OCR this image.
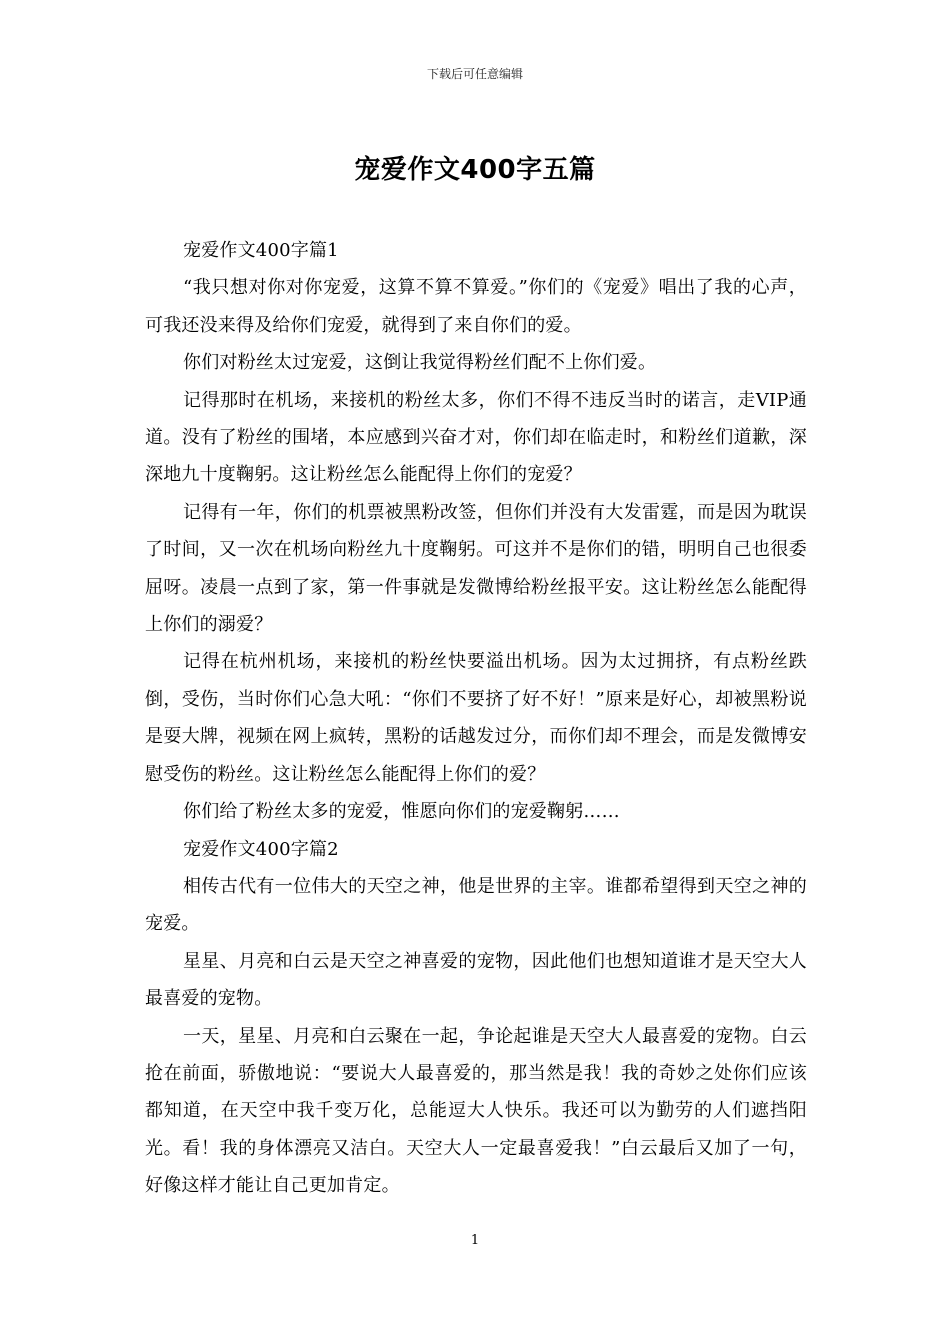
下载后可任意编辑
宠爱作文400字五篇

宠爱作文400字篇1

“我只想对你对你宠爱，这算不算不算爱。”你们的《宠爱》唱出了我的心声，可我还没来得及给你们宠爱，就得到了来自你们的爱。

你们对粉丝太过宠爱，这倒让我觉得粉丝们配不上你们爱。

记得那时在机场，来接机的粉丝太多，你们不得不违反当时的诺言，走VIP通道。没有了粉丝的围堵，本应感到兴奋才对，你们却在临走时，和粉丝们道歉，深深地九十度鞠躬。这让粉丝怎么能配得上你们的宠爱？

记得有一年，你们的机票被黑粉改签，但你们并没有大发雷霆，而是因为耽误了时间，又一次在机场向粉丝九十度鞠躬。可这并不是你们的错，明明自己也很委屈呀。凌晨一点到了家，第一件事就是发微博给粉丝报平安。这让粉丝怎么能配得上你们的溺爱？

记得在杭州机场，来接机的粉丝快要溢出机场。因为太过拥挤，有点粉丝跌倒，受伤，当时你们心急大吼：“你们不要挤了好不好！”原来是好心，却被黑粉说是耍大牌，视频在网上疯转，黑粉的话越发过分，而你们却不理会，而是发微博安慰受伤的粉丝。这让粉丝怎么能配得上你们的爱？

你们给了粉丝太多的宠爱，惟愿向你们的宠爱鞠躬……

宠爱作文400字篇2

相传古代有一位伟大的天空之神，他是世界的主宰。谁都希望得到天空之神的宠爱。

星星、月亮和白云是天空之神喜爱的宠物，因此他们也想知道谁才是天空大人最喜爱的宠物。

一天，星星、月亮和白云聚在一起，争论起谁是天空大人最喜爱的宠物。白云抢在前面，骄傲地说：“要说大人最喜爱的，那当然是我！我的奇妙之处你们应该都知道，在天空中我千变万化，总能逗大人快乐。我还可以为勤劳的人们遮挡阳光。看！我的身体漂亮又洁白。天空大人一定最喜爱我！”白云最后又加了一句，好像这样才能让自己更加肯定。

1
